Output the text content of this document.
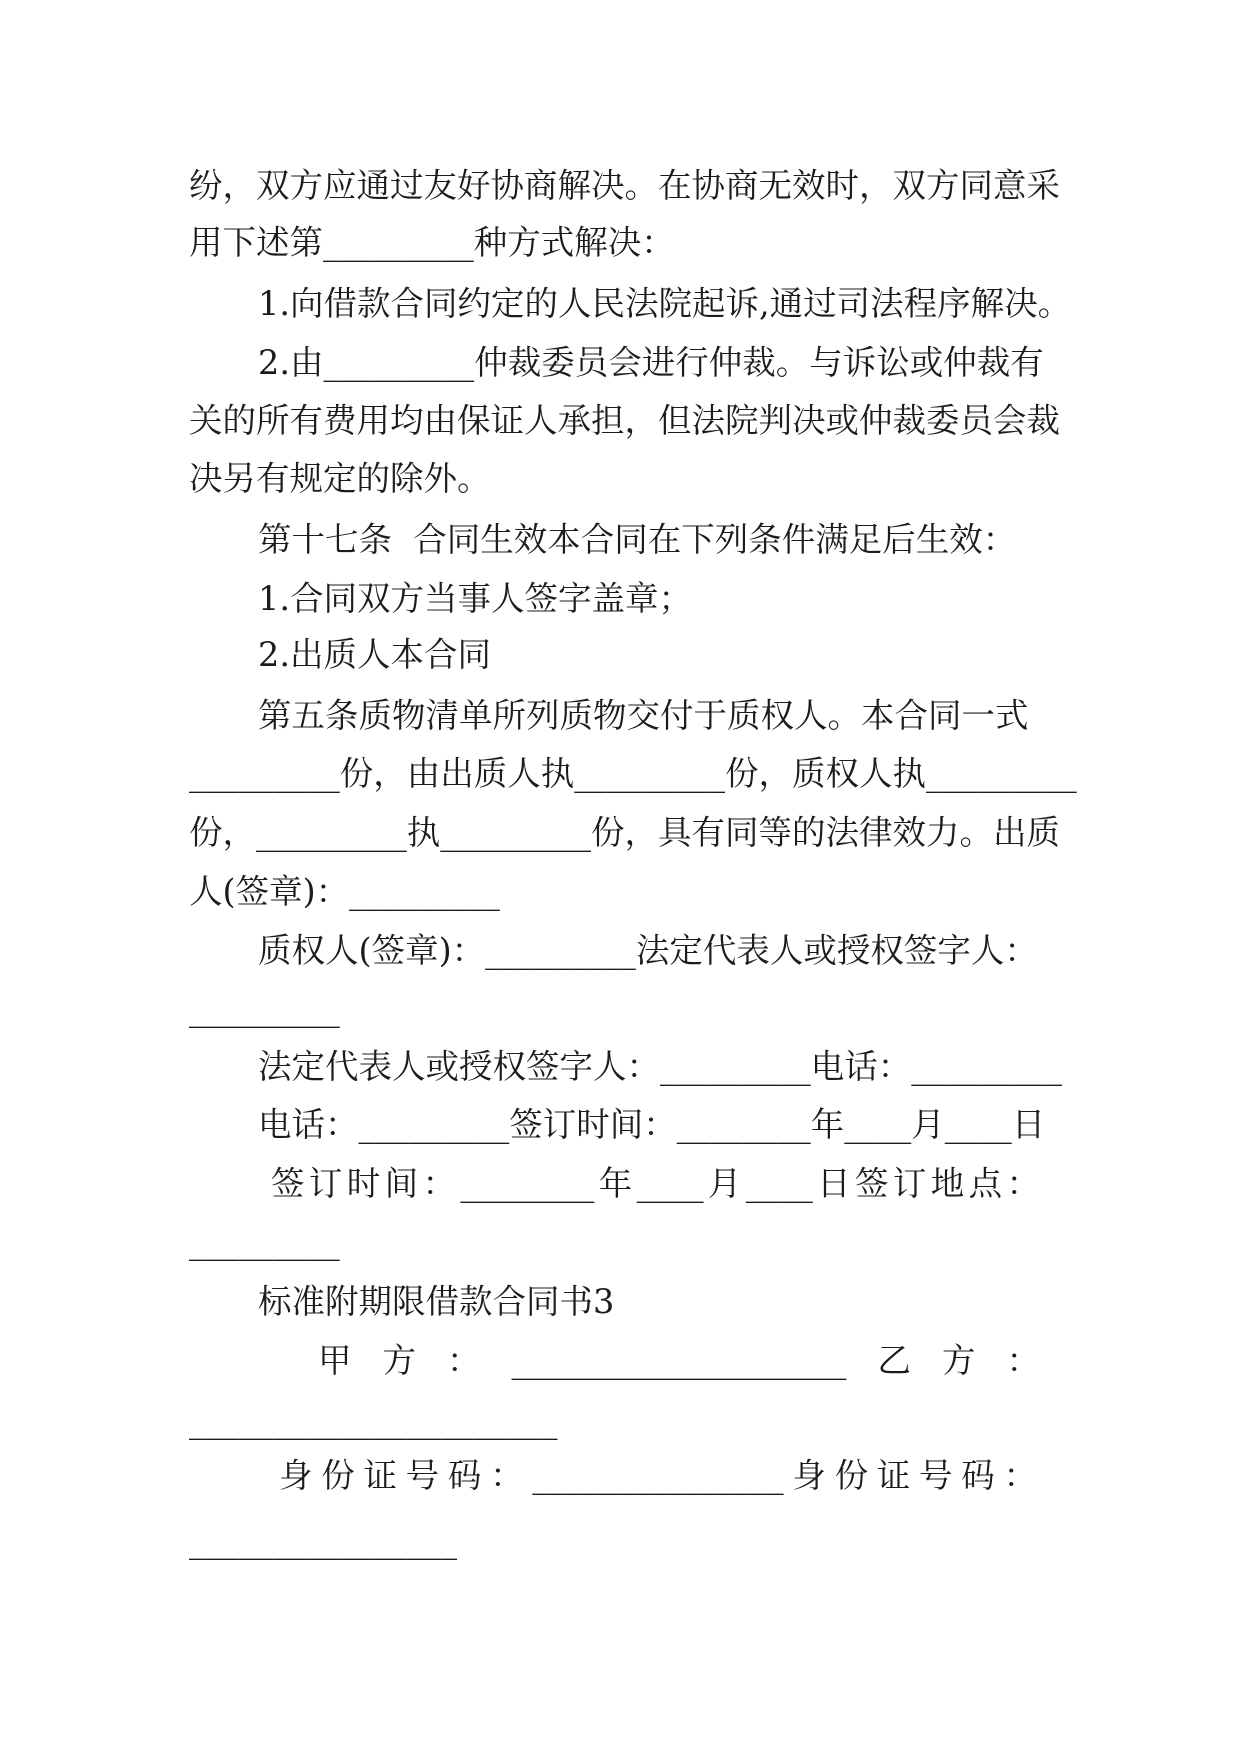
纷，双方应通过友好协商解决。在协商无效时，双方同意采
用下述第_________种方式解决：
1.向借款合同约定的人民法院起诉,通过司法程序解决。
2.由_________仲裁委员会进行仲裁。与诉讼或仲裁有
关的所有费用均由保证人承担，但法院判决或仲裁委员会裁
决另有规定的除外。
第十七条  合同生效本合同在下列条件满足后生效：
1.合同双方当事人签字盖章；
2.出质人本合同
第五条质物清单所列质物交付于质权人。本合同一式
_________份，由出质人执_________份，质权人执_________
份，_________执_________份，具有同等的法律效力。出质
人(签章)：_________
质权人(签章)：_________法定代表人或授权签字人：
_________
法定代表人或授权签字人：_________电话：_________
电话：_________签订时间：________年____月____日
签订时间：________年____月____日签订地点：
_________
标准附期限借款合同书3
甲方：____________________乙方：
______________________
身份证号码：_______________身份证号码：
________________
